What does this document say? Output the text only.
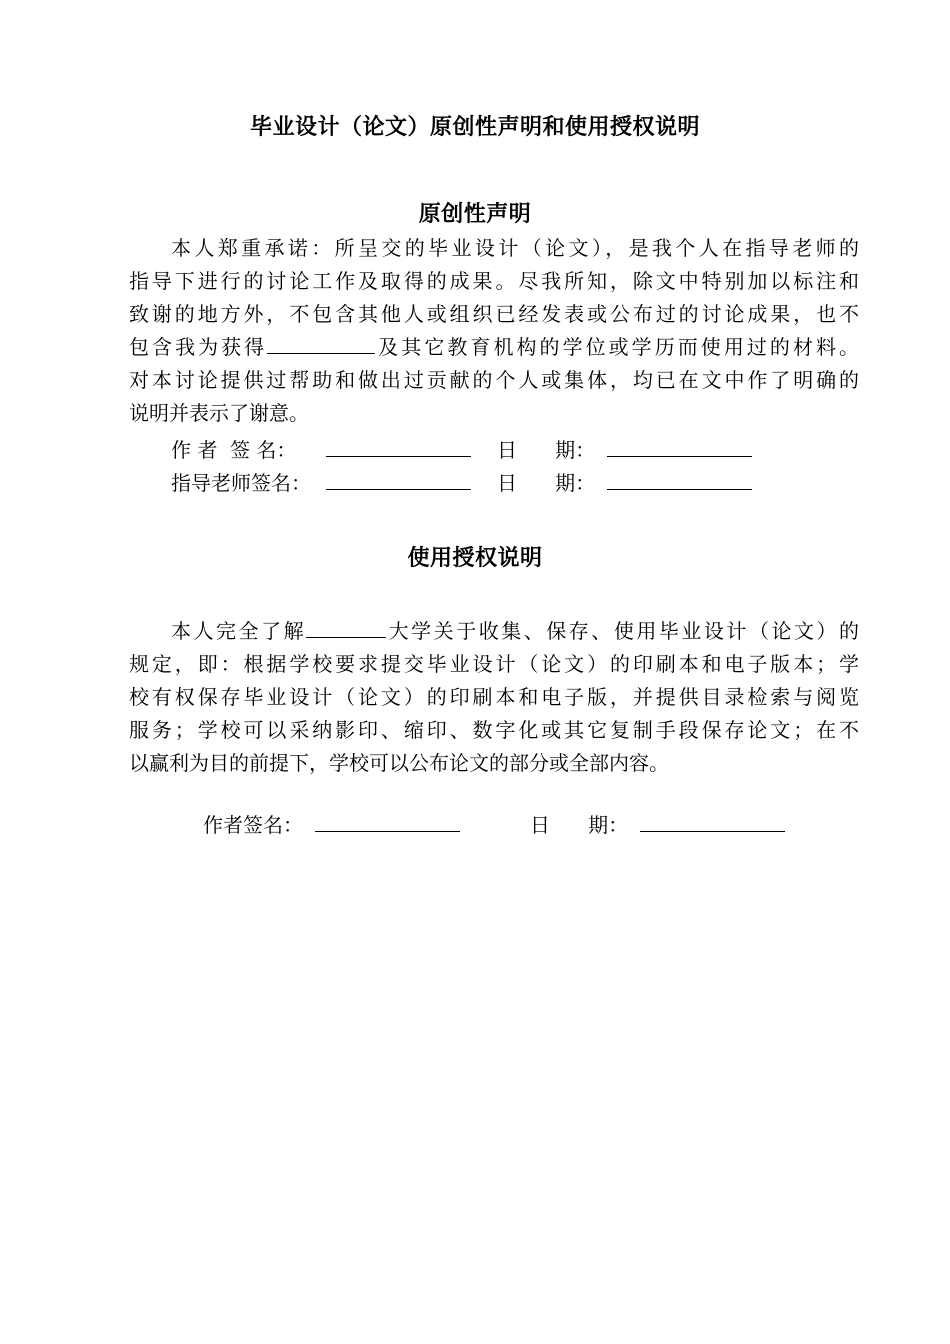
毕业设计（论文）原创性声明和使用授权说明
原创性声明
本人郑重承诺：所呈交的毕业设计（论文），是我个人在指导老师的
指导下进行的讨论工作及取得的成果。尽我所知，除文中特别加以标注和
致谢的地方外，不包含其他人或组织已经发表或公布过的讨论成果，也不
包含我为获得	及其它教育机构的学位或学历而使用过的材料。
对本讨论提供过帮助和做出过贡献的个人或集体，均已在文中作了明确的
说明并表示了谢意。
作 者  签 名：	日      期：
指导老师签名：	日      期：
使用授权说明
本人完全了解	大学关于收集、保存、使用毕业设计（论文）的
规定，即：根据学校要求提交毕业设计（论文）的印刷本和电子版本；学
校有权保存毕业设计（论文）的印刷本和电子版，并提供目录检索与阅览
服务；学校可以采纳影印、缩印、数字化或其它复制手段保存论文；在不
以赢利为目的前提下，学校可以公布论文的部分或全部内容。
作者签名：	日      期：
